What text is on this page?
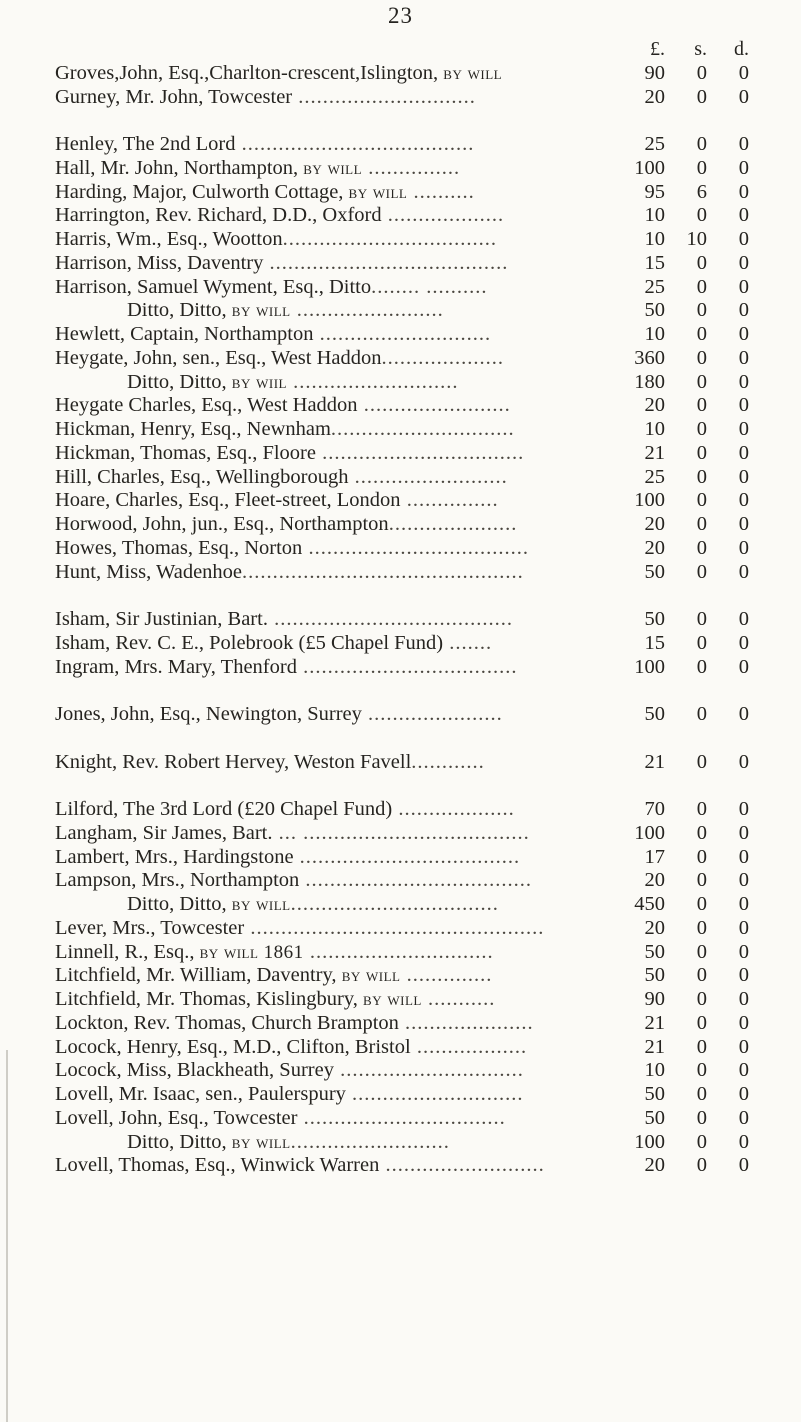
23
£.	s.	d.
Groves,John, Esq.,Charlton-crescent,Islington, by will	90	0	0
Gurney, Mr. John, Towcester .............................	20	0	0
Henley, The 2nd Lord ......................................	25	0	0
Hall, Mr. John, Northampton, by will ...............	100	0	0
Harding, Major, Culworth Cottage, by will ..........	95	6	0
Harrington, Rev. Richard, D.D., Oxford ...................	10	0	0
Harris, Wm., Esq., Wootton...................................	10	10	0
Harrison, Miss, Daventry .......................................	15	0	0
Harrison, Samuel Wyment, Esq., Ditto........ ..........	25	0	0
Ditto, Ditto, by will ........................	50	0	0
Hewlett, Captain, Northampton ............................	10	0	0
Heygate, John, sen., Esq., West Haddon....................	360	0	0
Ditto, Ditto, by wiil ...........................	180	0	0
Heygate Charles, Esq., West Haddon ........................	20	0	0
Hickman, Henry, Esq., Newnham..............................	10	0	0
Hickman, Thomas, Esq., Floore .................................	21	0	0
Hill, Charles, Esq., Wellingborough .........................	25	0	0
Hoare, Charles, Esq., Fleet-street, London ...............	100	0	0
Horwood, John, jun., Esq., Northampton.....................	20	0	0
Howes, Thomas, Esq., Norton ....................................	20	0	0
Hunt, Miss, Wadenhoe..............................................	50	0	0
Isham, Sir Justinian, Bart. .......................................	50	0	0
Isham, Rev. C. E., Polebrook (£5 Chapel Fund) .......	15	0	0
Ingram, Mrs. Mary, Thenford ...................................	100	0	0
Jones, John, Esq., Newington, Surrey ......................	50	0	0
Knight, Rev. Robert Hervey, Weston Favell............	21	0	0
Lilford, The 3rd Lord (£20 Chapel Fund) ...................	70	0	0
Langham, Sir James, Bart. ... .....................................	100	0	0
Lambert, Mrs., Hardingstone ....................................	17	0	0
Lampson, Mrs., Northampton .....................................	20	0	0
Ditto, Ditto, by will..................................	450	0	0
Lever, Mrs., Towcester ................................................	20	0	0
Linnell, R., Esq., by will 1861 ..............................	50	0	0
Litchfield, Mr. William, Daventry, by will ..............	50	0	0
Litchfield, Mr. Thomas, Kislingbury, by will ...........	90	0	0
Lockton, Rev. Thomas, Church Brampton .....................	21	0	0
Locock, Henry, Esq., M.D., Clifton, Bristol ..................	21	0	0
Locock, Miss, Blackheath, Surrey ..............................	10	0	0
Lovell, Mr. Isaac, sen., Paulerspury ............................	50	0	0
Lovell, John, Esq., Towcester .................................	50	0	0
Ditto, Ditto, by will..........................	100	0	0
Lovell, Thomas, Esq., Winwick Warren ..........................	20	0	0
